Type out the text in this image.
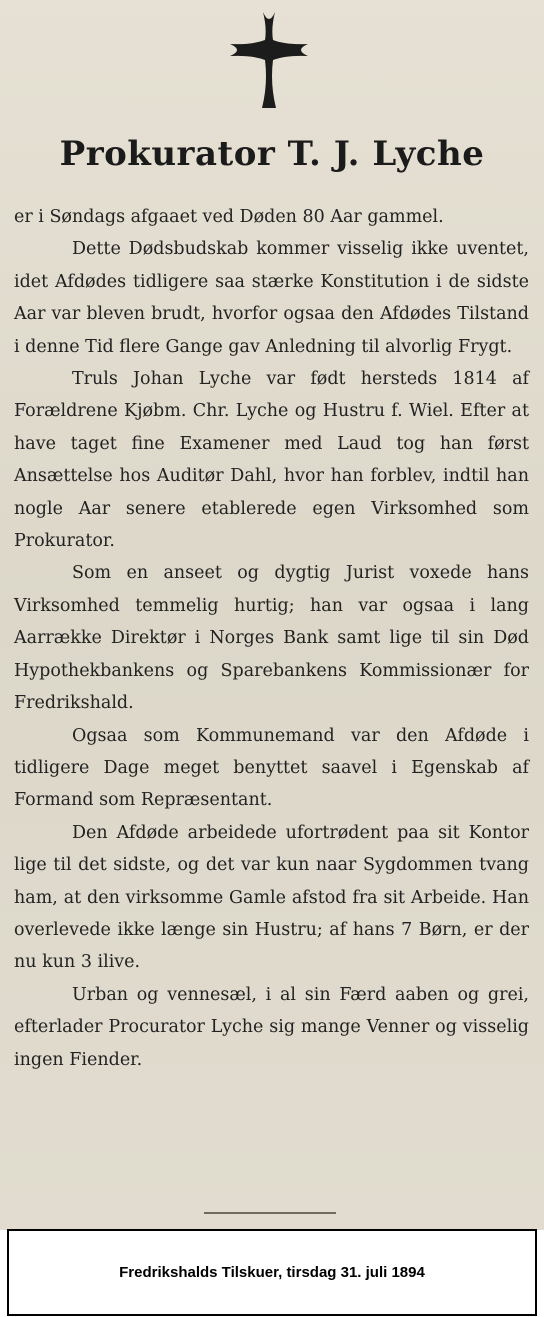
Prokurator T. J. Lyche

er i Søndags afgaaet ved Døden 80 Aar gammel.

Dette Dødsbudskab kommer visselig ikke uventet, idet Afdødes tidligere saa stærke Konstitution i de sidste Aar var bleven brudt, hvorfor ogsaa den Afdødes Tilstand i denne Tid flere Gange gav Anledning til alvorlig Frygt.

Truls Johan Lyche var født hersteds 1814 af Forældrene Kjøbm. Chr. Lyche og Hustru f. Wiel. Efter at have taget fine Examener med Laud tog han først Ansættelse hos Auditør Dahl, hvor han forblev, indtil han nogle Aar senere etablerede egen Virksomhed som Prokurator.

Som en anseet og dygtig Jurist voxede hans Virksomhed temmelig hurtig; han var ogsaa i lang Aarrække Direktør i Norges Bank samt lige til sin Død Hypothekbankens og Sparebankens Kommissionær for Fredrikshald.

Ogsaa som Kommunemand var den Afdøde i tidligere Dage meget benyttet saavel i Egenskab af Formand som Repræsentant.

Den Afdøde arbeidede ufortrødent paa sit Kontor lige til det sidste, og det var kun naar Sygdommen tvang ham, at den virksomme Gamle afstod fra sit Arbeide. Han overlevede ikke længe sin Hustru; af hans 7 Børn, er der nu kun 3 ilive.

Urban og vennesæl, i al sin Færd aaben og grei, efterlader Procurator Lyche sig mange Venner og visselig ingen Fiender.

Fredrikshalds Tilskuer, tirsdag 31. juli 1894
